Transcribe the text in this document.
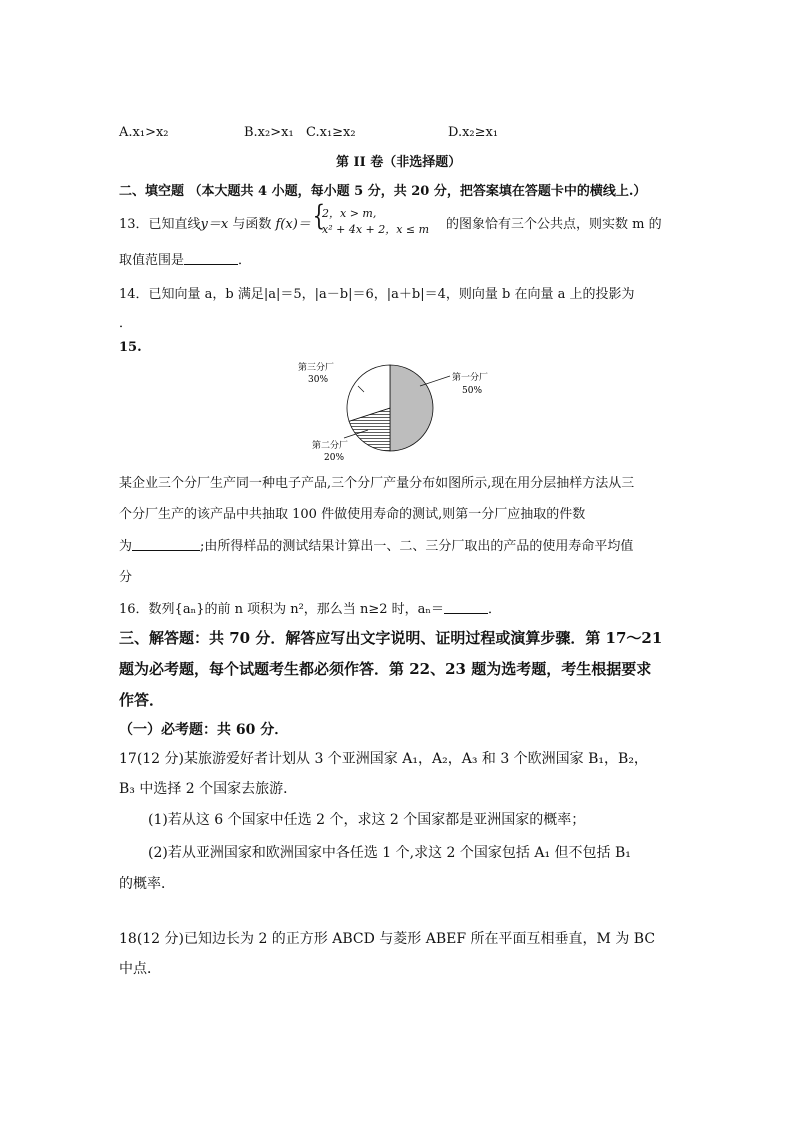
A.x₁>x₂	B.x₂>x₁ C.x₁≥x₂	D.x₂≥x₁
第 II 卷（非选择题）
二、填空题 （本大题共 4 小题，每小题 5 分，共 20 分，把答案填在答题卡中的横线上.）
13．已知直线y＝x 与函数 f(x)＝ {
2，x > m,
x² + 4x + 2，x ≤ m 的图象恰有三个公共点，则实数 m 的
取值范围是	．
14．已知向量 a，b 满足|a|＝5，|a－b|＝6，|a＋b|＝4，则向量 b 在向量 a 上的投影为
．
15.
第三分厂
30%	第一分厂
50%
第二分厂
20%
某企业三个分厂生产同一种电子产品,三个分厂产量分布如图所示,现在用分层抽样方法从三
个分厂生产的该产品中共抽取 100 件做使用寿命的测试,则第一分厂应抽取的件数
为	;由所得样品的测试结果计算出一、二、三分厂取出的产品的使用寿命平均值
分
16．数列{aₙ}的前 n 项积为 n²，那么当 n≥2 时，aₙ＝	．
三、解答题：共 70 分．解答应写出文字说明、证明过程或演算步骤．第 17～21
题为必考题，每个试题考生都必须作答．第 22、23 题为选考题，考生根据要求
作答．
（一）必考题：共 60 分．
17(12 分)某旅游爱好者计划从 3 个亚洲国家 A₁，A₂，A₃ 和 3 个欧洲国家 B₁，B₂，
B₃ 中选择 2 个国家去旅游．
(1)若从这 6 个国家中任选 2 个，求这 2 个国家都是亚洲国家的概率；
(2)若从亚洲国家和欧洲国家中各任选 1 个,求这 2 个国家包括 A₁ 但不包括 B₁
的概率．
18(12 分)已知边长为 2 的正方形 ABCD 与菱形 ABEF 所在平面互相垂直，M 为 BC
中点．
